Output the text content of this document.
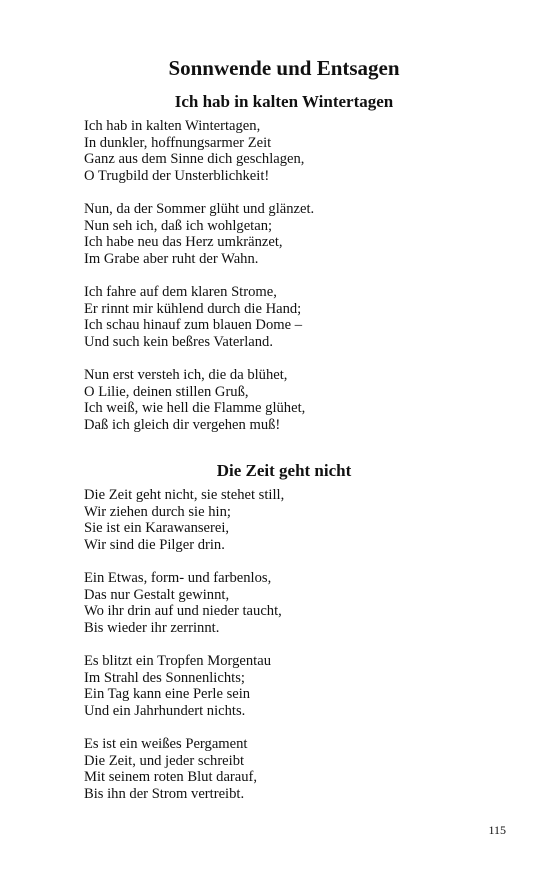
Sonnwende und Entsagen
Ich hab in kalten Wintertagen

Ich hab in kalten Wintertagen,
In dunkler, hoffnungsarmer Zeit
Ganz aus dem Sinne dich geschlagen,
O Trugbild der Unsterblichkeit!

Nun, da der Sommer glüht und glänzet.
Nun seh ich, daß ich wohlgetan;
Ich habe neu das Herz umkränzet,
Im Grabe aber ruht der Wahn.

Ich fahre auf dem klaren Strome,
Er rinnt mir kühlend durch die Hand;
Ich schau hinauf zum blauen Dome –
Und such kein beßres Vaterland.

Nun erst versteh ich, die da blühet,
O Lilie, deinen stillen Gruß,
Ich weiß, wie hell die Flamme glühet,
Daß ich gleich dir vergehen muß!

Die Zeit geht nicht

Die Zeit geht nicht, sie stehet still,
Wir ziehen durch sie hin;
Sie ist ein Karawanserei,
Wir sind die Pilger drin.

Ein Etwas, form- und farbenlos,
Das nur Gestalt gewinnt,
Wo ihr drin auf und nieder taucht,
Bis wieder ihr zerrinnt.

Es blitzt ein Tropfen Morgentau
Im Strahl des Sonnenlichts;
Ein Tag kann eine Perle sein
Und ein Jahrhundert nichts.

Es ist ein weißes Pergament
Die Zeit, und jeder schreibt
Mit seinem roten Blut darauf,
Bis ihn der Strom vertreibt.

115
